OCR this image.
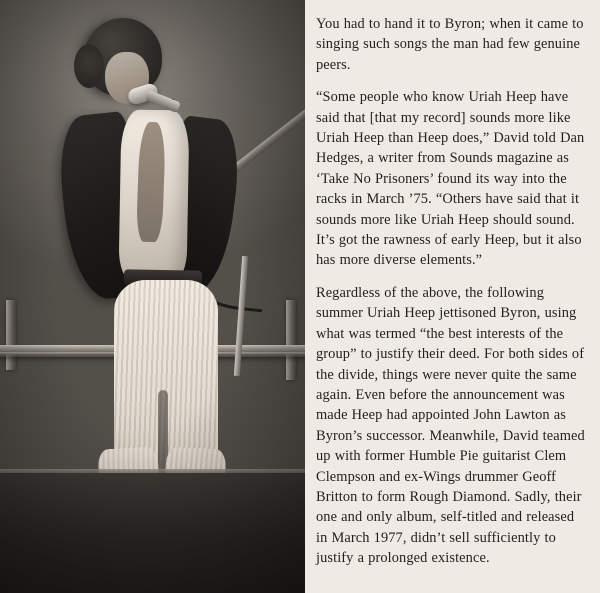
You had to hand it to Byron; when it came to singing such songs the man had few genuine peers.

“Some people who know Uriah Heep have said that [that my record] sounds more like Uriah Heep than Heep does,” David told Dan Hedges, a writer from Sounds magazine as ‘Take No Prisoners’ found its way into the racks in March ’75. “Others have said that it sounds more like Uriah Heep should sound. It’s got the rawness of early Heep, but it also has more diverse elements.”

Regardless of the above, the following summer Uriah Heep jettisoned Byron, using what was termed “the best interests of the group” to justify their deed. For both sides of the divide, things were never quite the same again. Even before the announcement was made Heep had appointed John Lawton as Byron’s successor. Meanwhile, David teamed up with former Humble Pie guitarist Clem Clempson and ex-Wings drummer Geoff Britton to form Rough Diamond. Sadly, their one and only album, self-titled and released in March 1977, didn’t sell sufficiently to justify a prolonged existence.
